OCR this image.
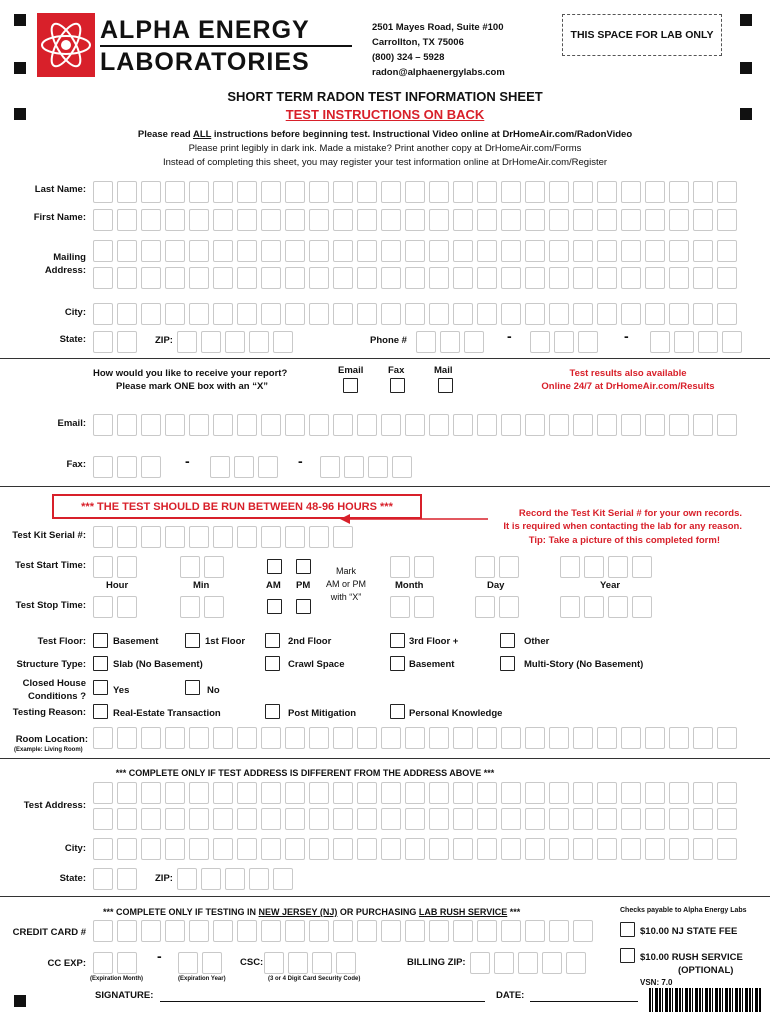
ALPHA ENERGY
LABORATORIES
2501 Mayes Road, Suite #100
Carrollton, TX 75006
(800) 324 – 5928
radon@alphaenergylabs.com
THIS SPACE FOR LAB ONLY
SHORT TERM RADON TEST INFORMATION SHEET
TEST INSTRUCTIONS ON BACK
Please read ALL instructions before beginning test. Instructional Video online at DrHomeAir.com/RadonVideo
Please print legibly in dark ink. Made a mistake? Print another copy at DrHomeAir.com/Forms
Instead of completing this sheet, you may register your test information online at DrHomeAir.com/Register
Last Name:
First Name:
Mailing
Address:
City:
State:	ZIP:	Phone #	-	-
How would you like to receive your report?
Please mark ONE box with an “X”
Email	Fax	Mail	Test results also available
Online 24/7 at DrHomeAir.com/Results
Email:
Fax:	-	-
*** THE TEST SHOULD BE RUN BETWEEN 48-96 HOURS ***
Record the Test Kit Serial # for your own records.
It is required when contacting the lab for any reason.
Tip: Take a picture of this completed form!
Test Kit Serial #:
Test Start Time:
Hour	Min	AM PM
Mark
AM or PM
with “X”
Month	Day	Year
Test Stop Time:
Test Floor:	Basement	1st Floor	2nd Floor	3rd Floor +	Other
Structure Type:	Slab (No Basement)	Crawl Space	Basement	Multi-Story (No Basement)
Closed House
Conditions ?
Yes	No
Testing Reason:	Real-Estate Transaction	Post Mitigation	Personal Knowledge
Room Location:
(Example: Living Room)
*** COMPLETE ONLY IF TEST ADDRESS IS DIFFERENT FROM THE ADDRESS ABOVE ***
Test Address:
City:
State:	ZIP:
*** COMPLETE ONLY IF TESTING IN NEW JERSEY (NJ) OR PURCHASING LAB RUSH SERVICE ***	Checks payable to Alpha Energy Labs
CREDIT CARD #	$10.00 NJ STATE FEE
CC EXP:	-	CSC:	BILLING ZIP:	$10.00 RUSH SERVICE
(OPTIONAL)
(Expiration Month)	(Expiration Year)	(3 or 4 Digit Card Security Code)	VSN: 7.0
SIGNATURE:	DATE:
